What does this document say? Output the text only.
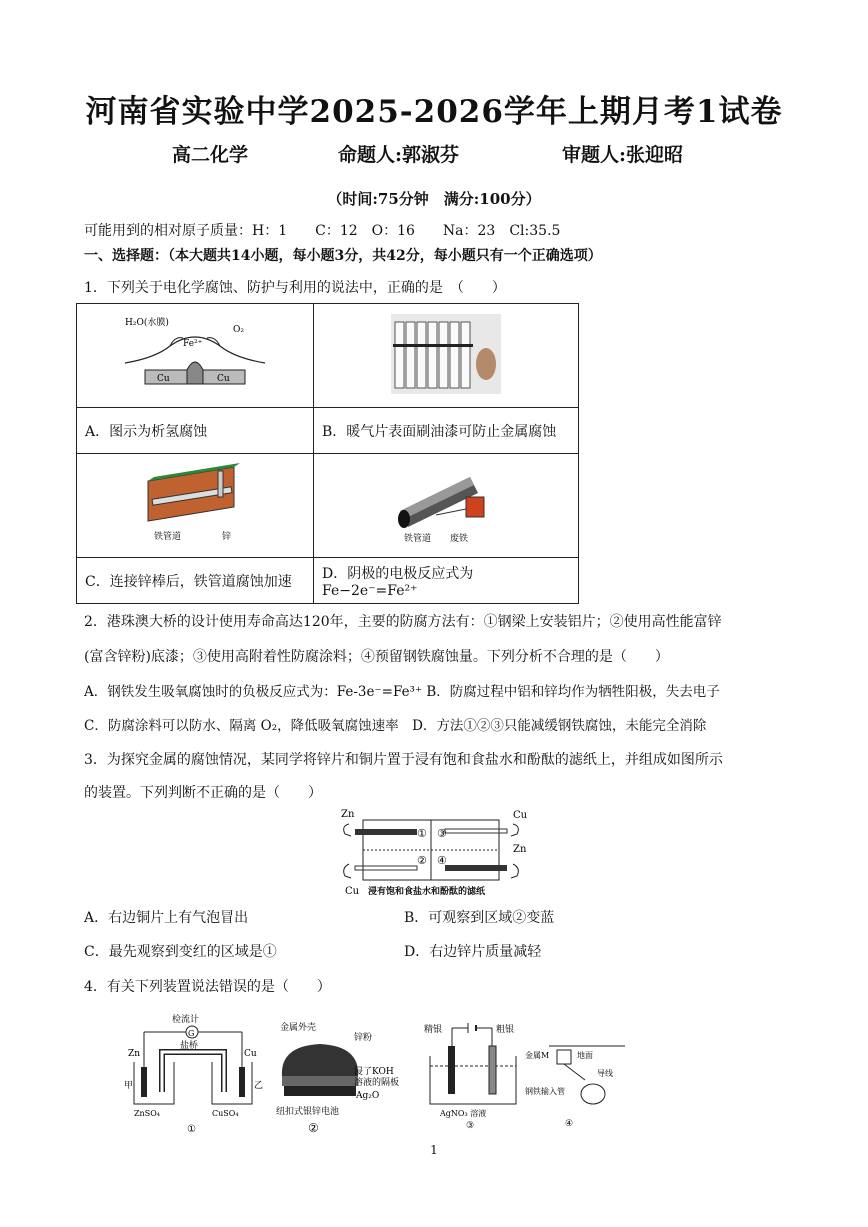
河南省实验中学2025-2026学年上期月考1试卷
高二化学	命题人:郭淑芬	审题人:张迎昭
（时间:75分钟　满分:100分）
可能用到的相对原子质量：H：1　　C：12　O：16　　Na：23　Cl:35.5
一、选择题：（本大题共14小题，每小题3分，共42分，每小题只有一个正确选项）
1．下列关于电化学腐蚀、防护与利用的说法中，正确的是　（　　）
H₂O(水膜)
O₂
Fe²⁺
Cu Cu

A．图示为析氢腐蚀	B．暖气片表面刷油漆可防止金属腐蚀

铁管道 锌	铁管道 废铁

C．连接锌棒后，铁管道腐蚀加速	D．阴极的电极反应式为 Fe−2e⁻=Fe²⁺
2．港珠澳大桥的设计使用寿命高达120年，主要的防腐方法有：①钢梁上安装铝片；②使用高性能富锌
(富含锌粉)底漆；③使用高附着性防腐涂料；④预留钢铁腐蚀量。下列分析不合理的是（　　）
A．钢铁发生吸氧腐蚀时的负极反应式为：Fe-3e⁻=Fe³⁺ B．防腐过程中铝和锌均作为牺牲阳极，失去电子
C．防腐涂料可以防水、隔离 O₂，降低吸氧腐蚀速率　D．方法①②③只能减缓钢铁腐蚀，未能完全消除
3．为探究金属的腐蚀情况，某同学将锌片和铜片置于浸有饱和食盐水和酚酞的滤纸上，并组成如图所示
的装置。下列判断不正确的是（　　）
Zn
Cu
Zn
Cu
①
②
③
④
浸有饱和食盐水和酚酞的滤纸
A．右边铜片上有气泡冒出	B．可观察到区域②变蓝
C．最先观察到变红的区域是①	D．右边锌片质量减轻
4．有关下列装置说法错误的是（　　）
检流计
G
盐桥
Zn	Cu
甲	乙
ZnSO₄	CuSO₄
①
金属外壳
锌粉
浸了KOH
溶液的隔板
Ag₂O
纽扣式银锌电池
②
精银	粗银
AgNO₃ 溶液
③
金属M	地面
导线
钢铁输入管
④
1
